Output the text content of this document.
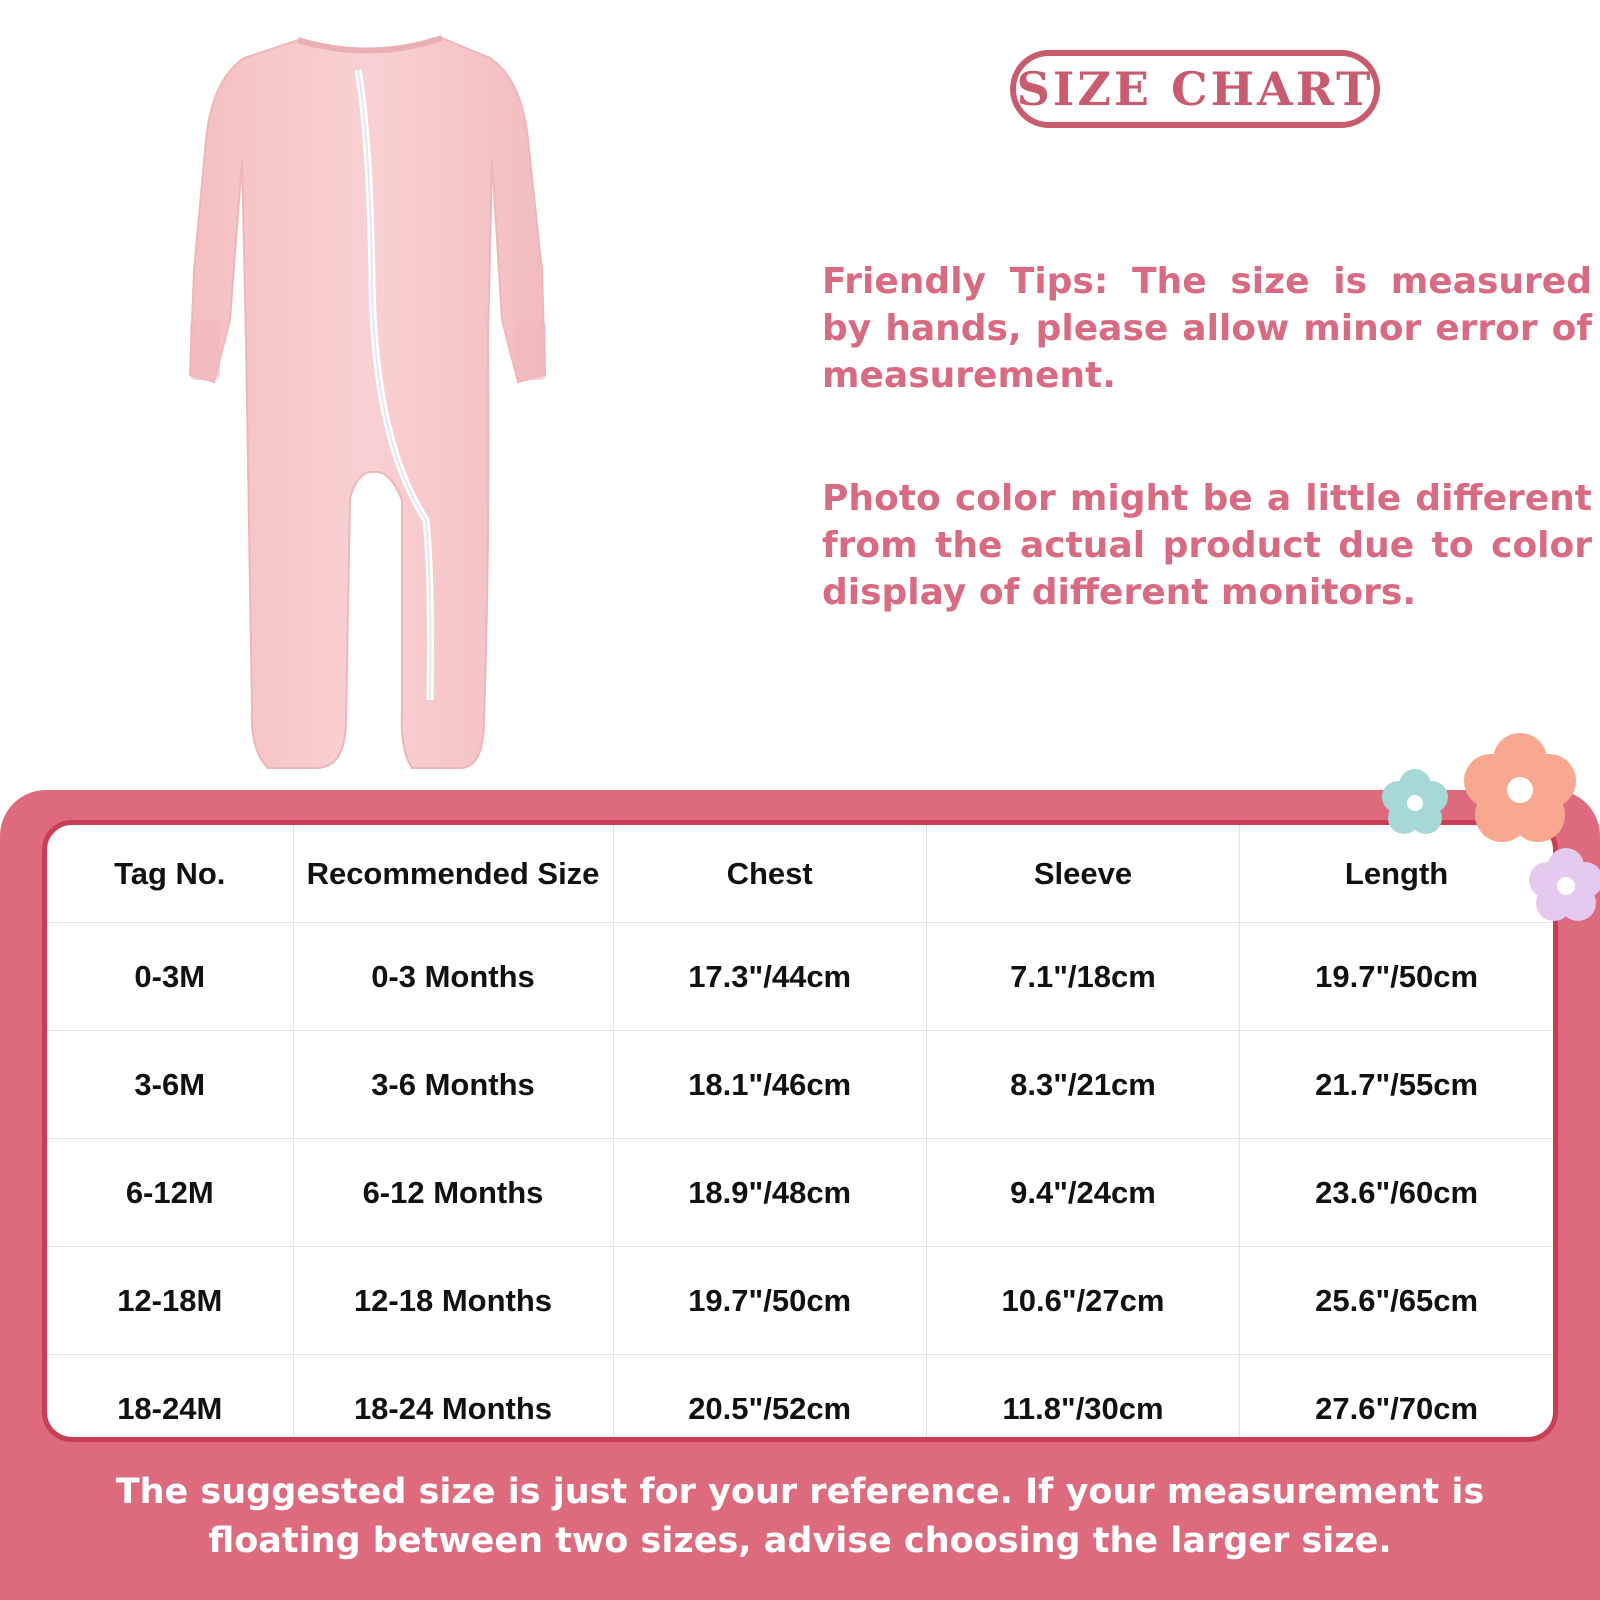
SIZE CHART
Friendly Tips: The size is measured by hands, please allow minor error of measurement.
Photo color might be a little different from the actual product due to color display of different monitors.
Tag No.	Recommended Size	Chest	Sleeve	Length
0-3M	0-3 Months	17.3"/44cm	7.1"/18cm	19.7"/50cm
3-6M	3-6 Months	18.1"/46cm	8.3"/21cm	21.7"/55cm
6-12M	6-12 Months	18.9"/48cm	9.4"/24cm	23.6"/60cm
12-18M	12-18 Months	19.7"/50cm	10.6"/27cm	25.6"/65cm
18-24M	18-24 Months	20.5"/52cm	11.8"/30cm	27.6"/70cm
The suggested size is just for your reference. If your measurement is floating between two sizes, advise choosing the larger size.
